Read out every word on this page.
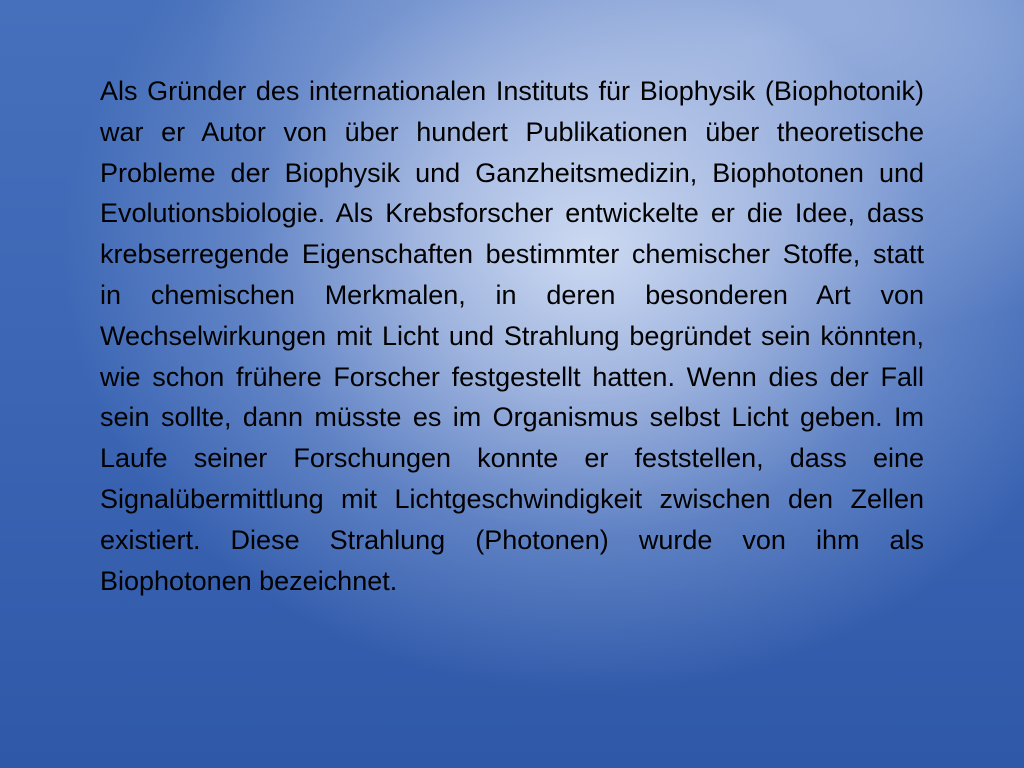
Als Gründer des internationalen Instituts für Biophysik (Biophotonik) war er Autor von über hundert Publikationen über theoretische Probleme der Biophysik und Ganzheitsmedizin, Biophotonen und Evolutionsbiologie. Als Krebsforscher entwickelte er die Idee, dass krebserregende Eigenschaften bestimmter chemischer Stoffe, statt in chemischen Merkmalen, in deren besonderen Art von Wechselwirkungen mit Licht und Strahlung begründet sein könnten, wie schon frühere Forscher festgestellt hatten. Wenn dies der Fall sein sollte, dann müsste es im Organismus selbst Licht geben. Im Laufe seiner Forschungen konnte er feststellen, dass eine Signalübermittlung mit Lichtgeschwindigkeit zwischen den Zellen existiert. Diese Strahlung (Photonen) wurde von ihm als Biophotonen bezeichnet.
